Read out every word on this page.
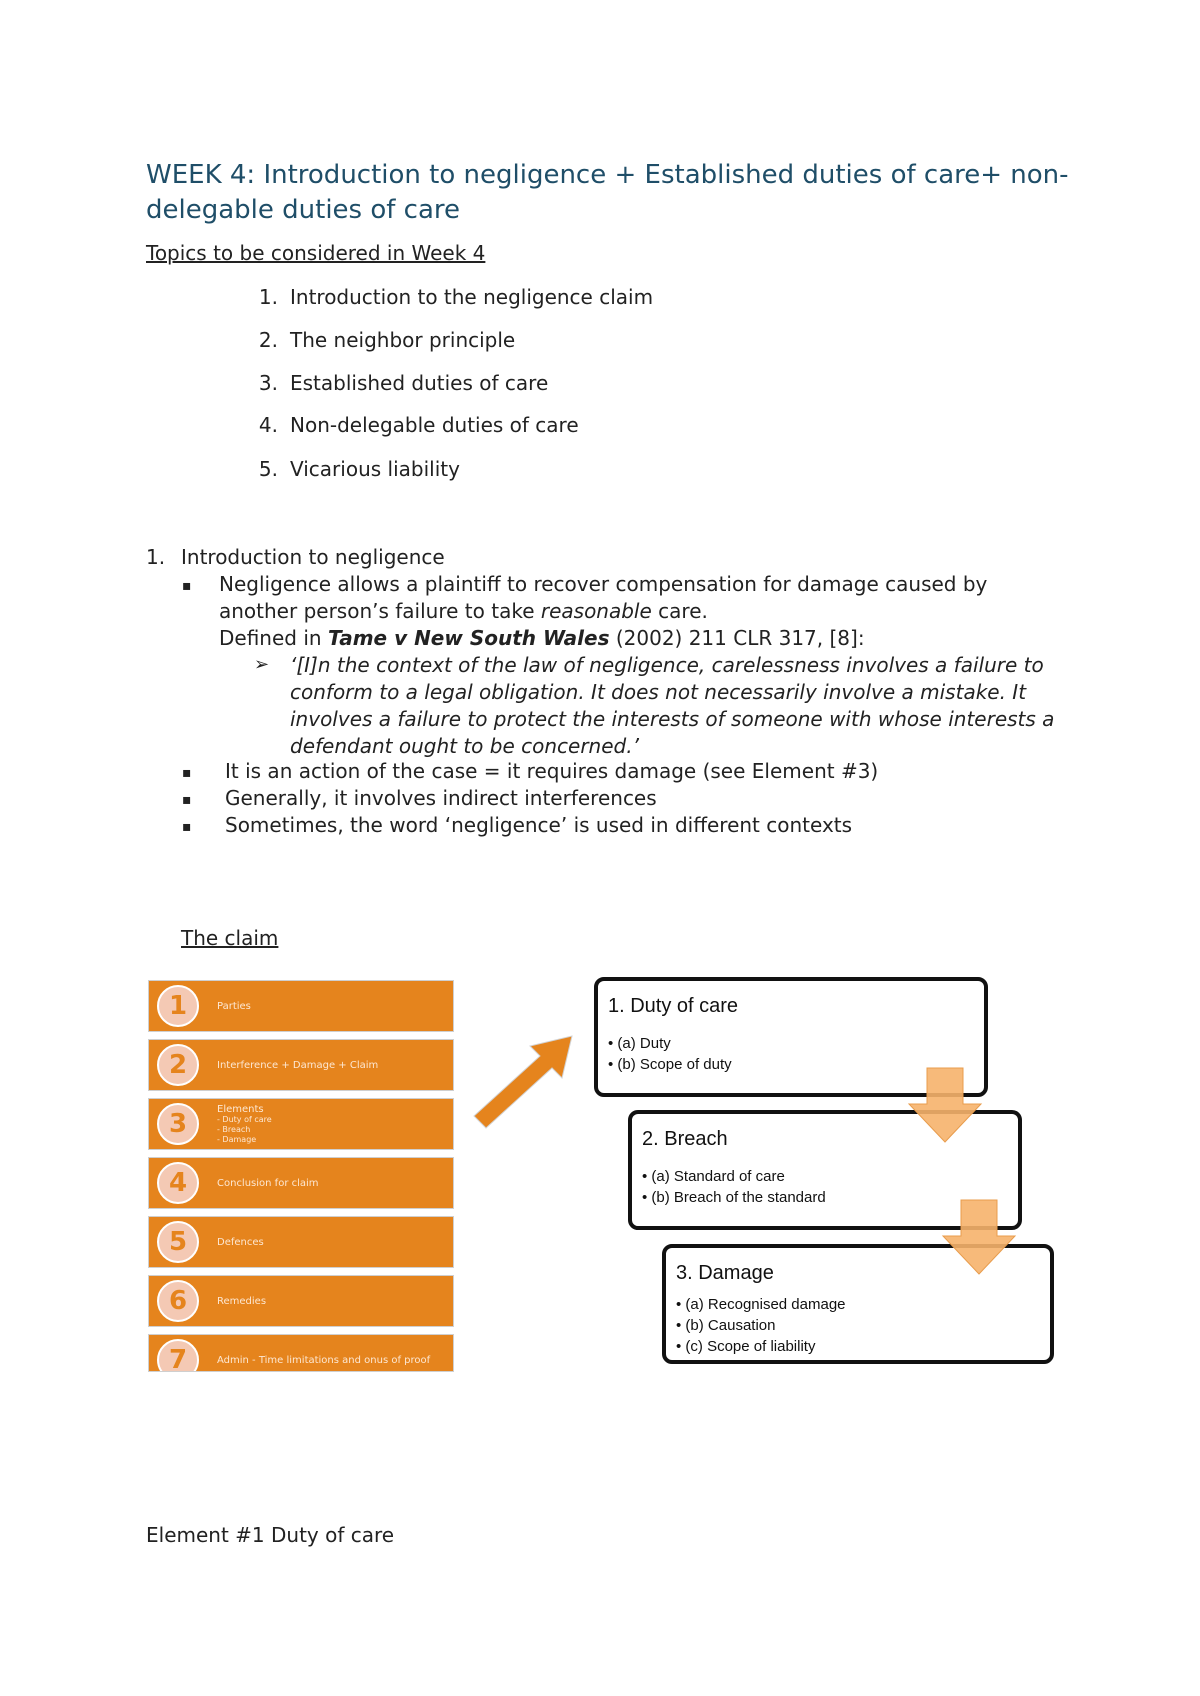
WEEK 4: Introduction to negligence + Established duties of care+ non-delegable duties of care
Topics to be considered in Week 4
1. Introduction to the negligence claim
2. The neighbor principle
3. Established duties of care
4. Non-delegable duties of care
5. Vicarious liability
1. Introduction to negligence
▪ Negligence allows a plaintiff to recover compensation for damage caused by another person’s failure to take reasonable care.
Defined in Tame v New South Wales (2002) 211 CLR 317, [8]:
➢ ‘[I]n the context of the law of negligence, carelessness involves a failure to conform to a legal obligation. It does not necessarily involve a mistake. It involves a failure to protect the interests of someone with whose interests a defendant ought to be concerned.’
▪ It is an action of the case = it requires damage (see Element #3)
▪ Generally, it involves indirect interferences
▪ Sometimes, the word ‘negligence’ is used in different contexts
The claim
1	Parties
2	Interference + Damage + Claim
3	Elements
- Duty of care
- Breach
- Damage
4	Conclusion for claim
5	Defences
6	Remedies
7	Admin - Time limitations and onus of proof
1. Duty of care
• (a) Duty
• (b) Scope of duty
2. Breach
• (a) Standard of care
• (b) Breach of the standard
3. Damage
• (a) Recognised damage
• (b) Causation
• (c) Scope of liability
Element #1 Duty of care
